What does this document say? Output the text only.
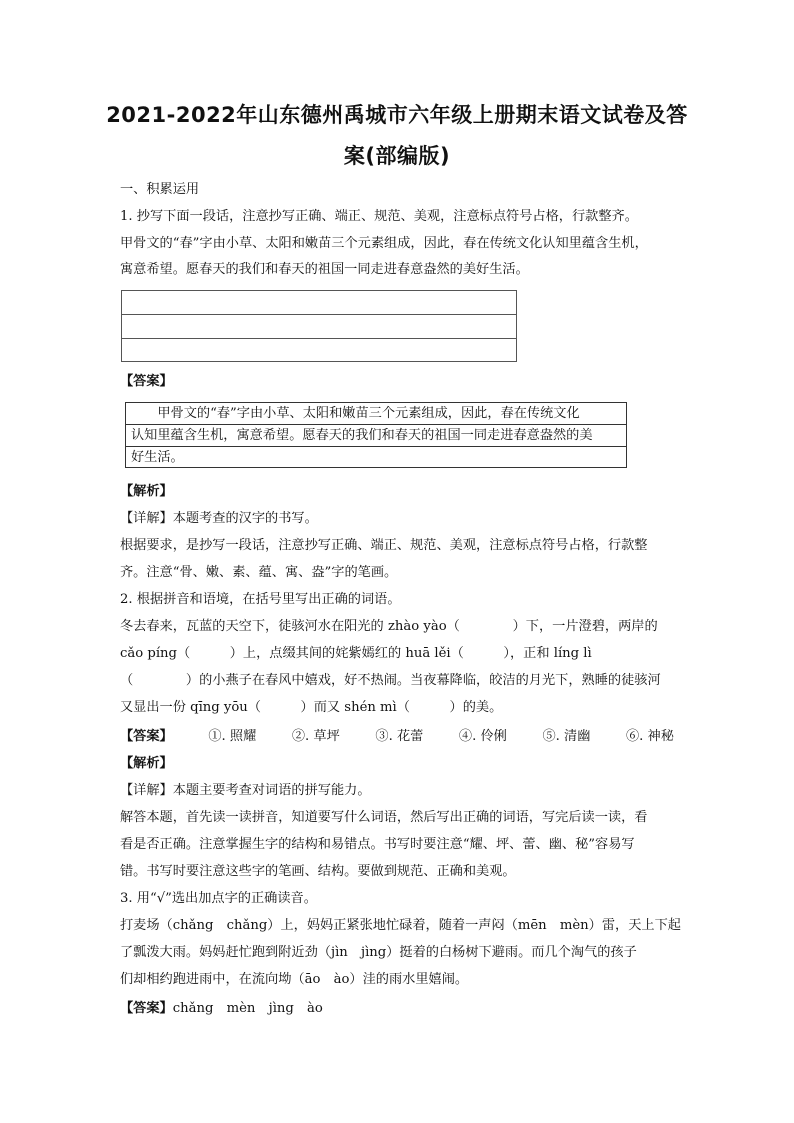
2021-2022年山东德州禹城市六年级上册期末语文试卷及答
案(部编版)
一、积累运用
1. 抄写下面一段话，注意抄写正确、端正、规范、美观，注意标点符号占格，行款整齐。
甲骨文的“春”字由小草、太阳和嫩苗三个元素组成，因此，春在传统文化认知里蕴含生机，
寓意希望。愿春天的我们和春天的祖国一同走进春意盎然的美好生活。
【答案】
　　甲骨文的“春”字由小草、太阳和嫩苗三个元素组成，因此，春在传统文化
认知里蕴含生机，寓意希望。愿春天的我们和春天的祖国一同走进春意盎然的美
好生活。
【解析】
【详解】本题考查的汉字的书写。
根据要求，是抄写一段话，注意抄写正确、端正、规范、美观，注意标点符号占格，行款整
齐。注意“骨、嫩、素、蕴、寓、盎”字的笔画。
2. 根据拼音和语境，在括号里写出正确的词语。
冬去春来，瓦蓝的天空下，徒骇河水在阳光的 zhào yào（　　　　）下，一片澄碧，两岸的
cǎo píng（　　　）上，点缀其间的姹紫嫣红的 huā lěi（　　　），正和 líng lì
（　　　　）的小燕子在春风中嬉戏，好不热闹。当夜幕降临，皎洁的月光下，熟睡的徒骇河
又显出一份 qīng yōu（　　　）而又 shén mì（　　　）的美。
【答案】	①. 照耀	②. 草坪	③. 花蕾	④. 伶俐	⑤. 清幽	⑥. 神秘
【解析】
【详解】本题主要考查对词语的拼写能力。
解答本题，首先读一读拼音，知道要写什么词语，然后写出正确的词语，写完后读一读，看
看是否正确。注意掌握生字的结构和易错点。书写时要注意“耀、坪、蕾、幽、秘”容易写
错。书写时要注意这些字的笔画、结构。要做到规范、正确和美观。
3. 用“√”选出加点字的正确读音。
打麦场（chǎng　chǎng）上，妈妈正紧张地忙碌着，随着一声闷（mēn　mèn）雷，天上下起
了瓢泼大雨。妈妈赶忙跑到附近劲（jìn　jìng）挺着的白杨树下避雨。而几个淘气的孩子
们却相约跑进雨中，在流向坳（āo　ào）洼的雨水里嬉闹。
【答案】chǎng　mèn　jìng　ào
